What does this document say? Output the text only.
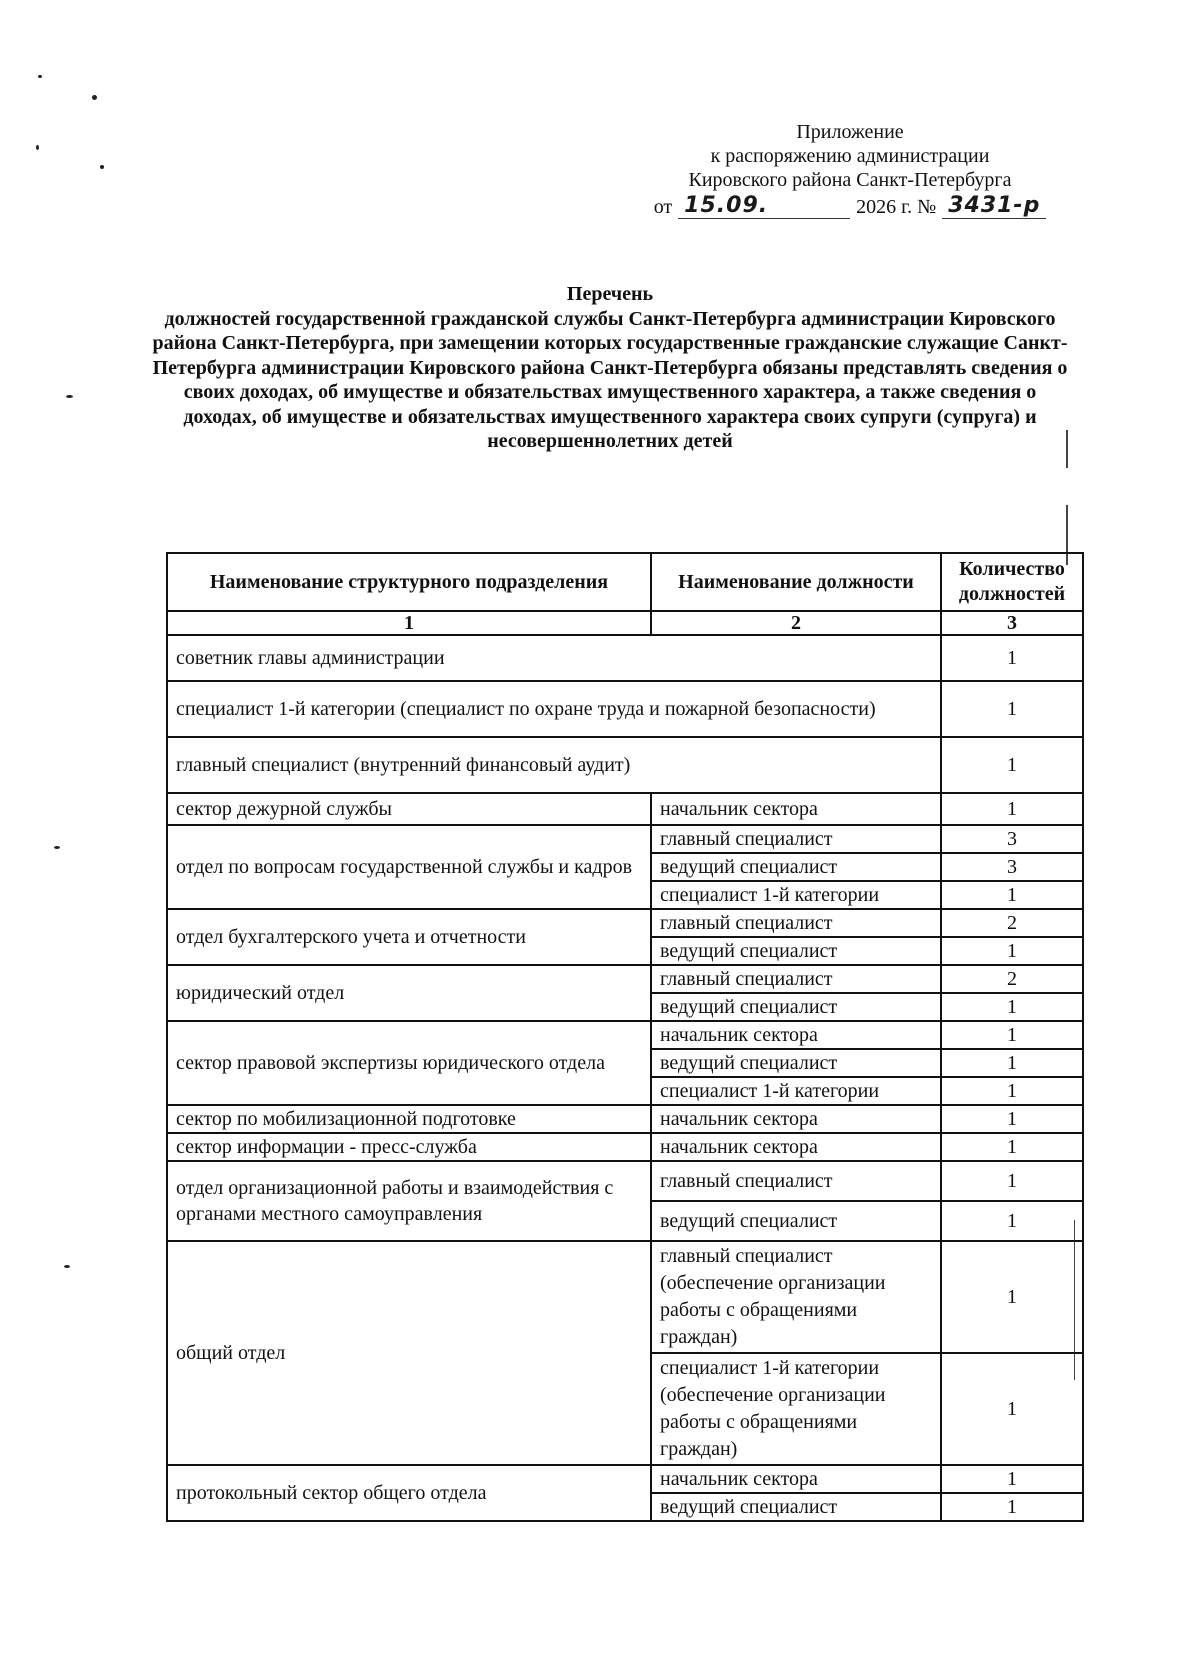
Приложение
к распоряжению администрации
Кировского района Санкт-Петербурга
от 15.09.	2026 г. № 3431-р
Перечень
должностей государственной гражданской службы Санкт-Петербурга администрации Кировского района Санкт-Петербурга, при замещении которых государственные гражданские служащие Санкт-Петербурга администрации Кировского района Санкт-Петербурга обязаны представлять сведения о своих доходах, об имуществе и обязательствах имущественного характера, а также сведения о доходах, об имуществе и обязательствах имущественного характера своих супруги (супруга) и несовершеннолетних детей
Наименование структурного подразделения	Наименование должности	Количество должностей
1	2	3
советник главы администрации		1
специалист 1-й категории (специалист по охране труда и пожарной безопасности)		1
главный специалист (внутренний финансовый аудит)		1
сектор дежурной службы	начальник сектора	1
отдел по вопросам государственной службы и кадров	главный специалист	3
	ведущий специалист	3
	специалист 1-й категории	1
отдел бухгалтерского учета и отчетности	главный специалист	2
	ведущий специалист	1
юридический отдел	главный специалист	2
	ведущий специалист	1
сектор правовой экспертизы юридического отдела	начальник сектора	1
	ведущий специалист	1
	специалист 1-й категории	1
сектор по мобилизационной подготовке	начальник сектора	1
сектор информации - пресс-служба	начальник сектора	1
отдел организационной работы и взаимодействия с органами местного самоуправления	главный специалист	1
	ведущий специалист	1
общий отдел	главный специалист (обеспечение организации работы с обращениями граждан)	1
	специалист 1-й категории (обеспечение организации работы с обращениями граждан)	1
протокольный сектор общего отдела	начальник сектора	1
	ведущий специалист	1
